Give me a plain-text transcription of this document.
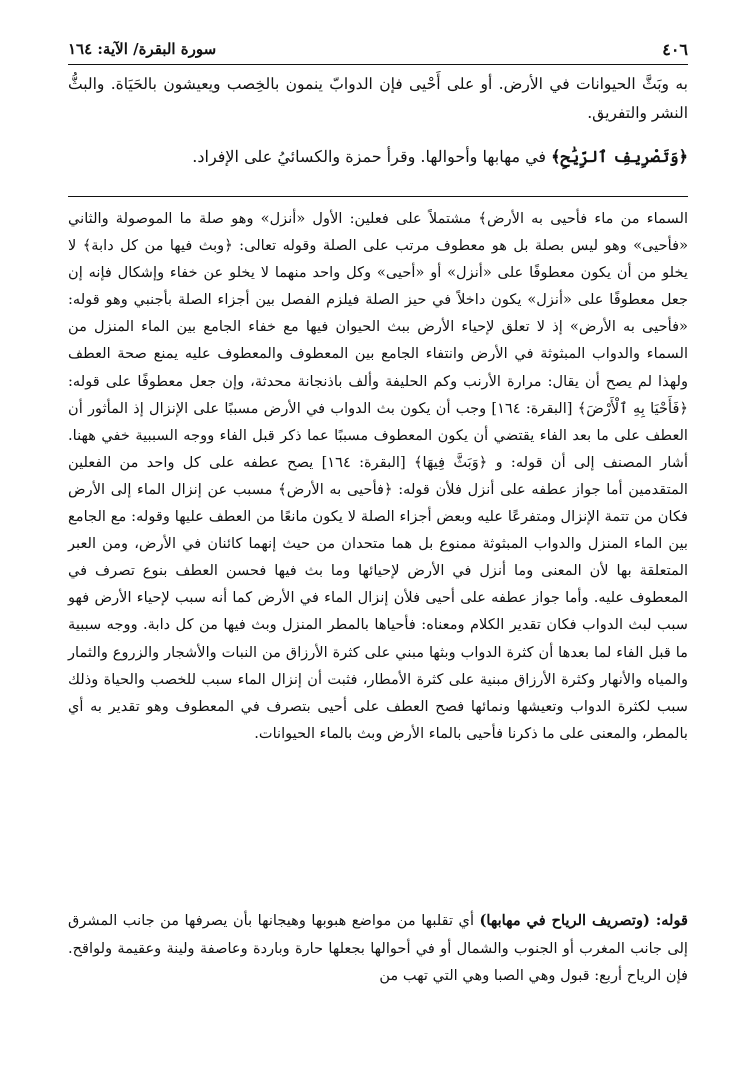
٤٠٦
سورة البقرة/ الآية: ١٦٤

به وبَثَّ الحيوانات في الأرض. أو على أَحْيى فإن الدوابّ ينمون بالخِصب ويعيشون بالحَيَاة. والبثُّ النشر والتفريق.

﴿وَتَصْرِيفِ ٱلرِّيَٰحِ﴾ في مهابها وأحوالها. وقرأ حمزة والكسائيُ على الإفراد.

السماء من ماء فأحيى به الأرض﴾ مشتملاً على فعلين: الأول «أنزل» وهو صلة ما الموصولة والثاني «فأحيى» وهو ليس بصلة بل هو معطوف مرتب على الصلة وقوله تعالى: ﴿وبث فيها من كل دابة﴾ لا يخلو من أن يكون معطوفًا على «أنزل» أو «أحيى» وكل واحد منهما لا يخلو عن خفاء وإشكال فإنه إن جعل معطوفًا على «أنزل» يكون داخلاً في حيز الصلة فيلزم الفصل بين أجزاء الصلة بأجنبي وهو قوله: «فأحيى به الأرض» إذ لا تعلق لإحياء الأرض ببث الحيوان فيها مع خفاء الجامع بين الماء المنزل من السماء والدواب المبثوثة في الأرض وانتفاء الجامع بين المعطوف والمعطوف عليه يمنع صحة العطف ولهذا لم يصح أن يقال: مرارة الأرنب وكم الحليفة وألف باذنجانة محدثة، وإن جعل معطوفًا على قوله: ﴿فَأَحْيَا بِهِ ٱلْأَرْضَ﴾ [البقرة: ١٦٤] وجب أن يكون بث الدواب في الأرض مسببًا على الإنزال إذ المأثور أن العطف على ما بعد الفاء يقتضي أن يكون المعطوف مسببًا عما ذكر قبل الفاء ووجه السببية خفي ههنا. أشار المصنف إلى أن قوله: و ﴿وَبَثَّ فِيهَا﴾ [البقرة: ١٦٤] يصح عطفه على كل واحد من الفعلين المتقدمين أما جواز عطفه على أنزل فلأن قوله: ﴿فأحيى به الأرض﴾ مسبب عن إنزال الماء إلى الأرض فكان من تتمة الإنزال ومتفرعًا عليه وبعض أجزاء الصلة لا يكون مانعًا من العطف عليها وقوله: مع الجامع بين الماء المنزل والدواب المبثوثة ممنوع بل هما متحدان من حيث إنهما كائنان في الأرض، ومن العبر المتعلقة بها لأن المعنى وما أنزل في الأرض لإحيائها وما بث فيها فحسن العطف بنوع تصرف في المعطوف عليه. وأما جواز عطفه على أحيى فلأن إنزال الماء في الأرض كما أنه سبب لإحياء الأرض فهو سبب لبث الدواب فكان تقدير الكلام ومعناه: فأحياها بالمطر المنزل وبث فيها من كل دابة. ووجه سببية ما قبل الفاء لما بعدها أن كثرة الدواب وبثها مبني على كثرة الأرزاق من النبات والأشجار والزروع والثمار والمياه والأنهار وكثرة الأرزاق مبنية على كثرة الأمطار، فثبت أن إنزال الماء سبب للخصب والحياة وذلك سبب لكثرة الدواب وتعيشها ونمائها فصح العطف على أحيى بتصرف في المعطوف وهو تقدير به أي بالمطر، والمعنى على ما ذكرنا فأحيى بالماء الأرض وبث بالماء الحيوانات.

قوله: (وتصريف الرياح في مهابها) أي تقلبها من مواضع هبوبها وهيجانها بأن يصرفها من جانب المشرق إلى جانب المغرب أو الجنوب والشمال أو في أحوالها بجعلها حارة وباردة وعاصفة ولينة وعقيمة ولواقح. فإن الرياح أربع: قبول وهي الصبا وهي التي تهب من
